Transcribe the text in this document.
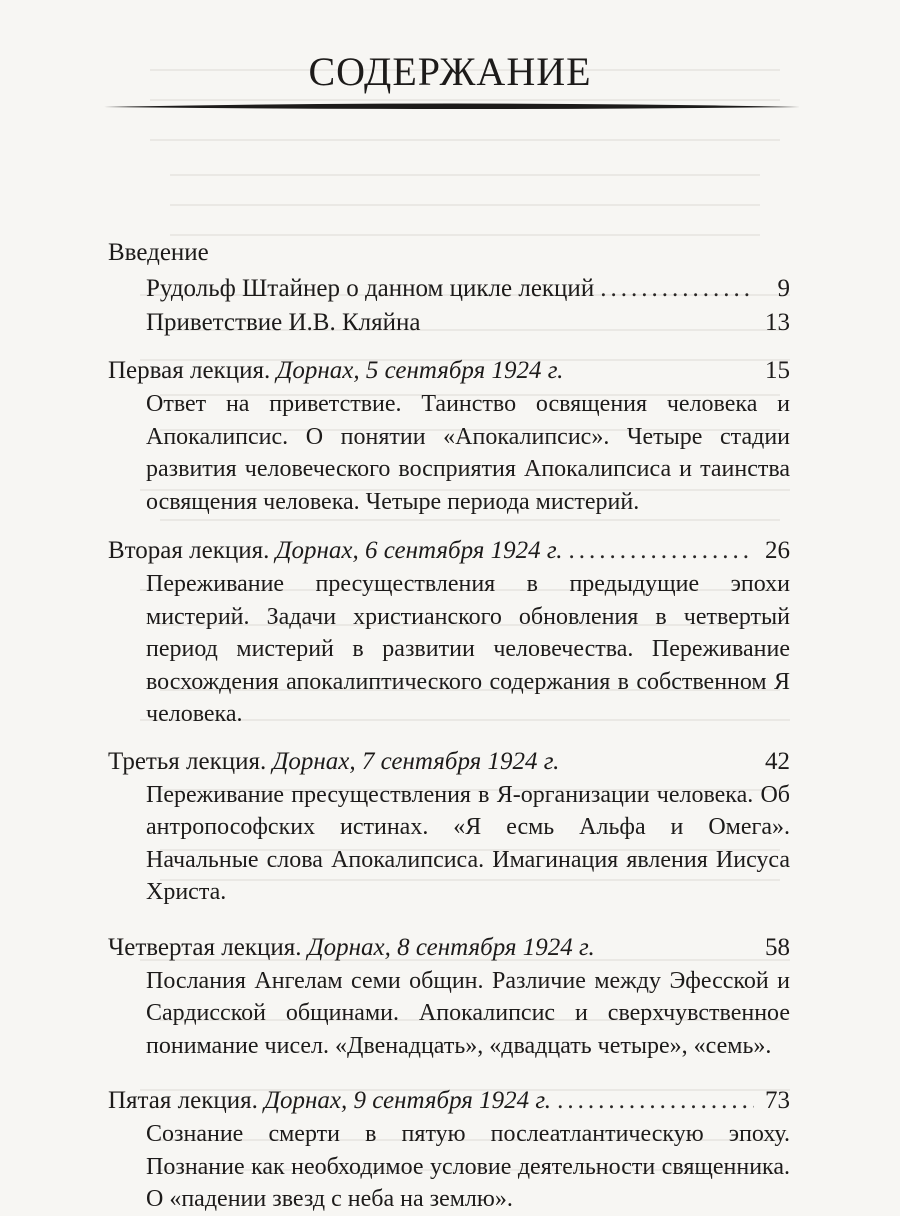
СОДЕРЖАНИЕ
Введение
Рудольф Штайнер о данном цикле лекций .....	9
Приветствие И.В. Кляйна	13
Первая лекция. Дорнах, 5 сентября 1924 г.	15
Ответ на приветствие. Таинство освящения человека и Апокалипсис. О понятии «Апокалипсис». Четыре стадии развития человеческого восприятия Апокалипсиса и таинства освящения человека. Четыре периода мистерий.
Вторая лекция. Дорнах, 6 сентября 1924 г. .....	26
Переживание пресуществления в предыдущие эпохи мистерий. Задачи христианского обновления в четвертый период мистерий в развитии человечества. Переживание восхождения апокалиптического содержания в собственном Я человека.
Третья лекция. Дорнах, 7 сентября 1924 г.	42
Переживание пресуществления в Я-организации человека. Об антропософских истинах. «Я есмь Альфа и Омега». Начальные слова Апокалипсиса. Имагинация явления Иисуса Христа.
Четвертая лекция. Дорнах, 8 сентября 1924 г.	58
Послания Ангелам семи общин. Различие между Эфесской и Сардисской общинами. Апокалипсис и сверхчувственное понимание чисел. «Двенадцать», «двадцать четыре», «семь».
Пятая лекция. Дорнах, 9 сентября 1924 г. .....	73
Сознание смерти в пятую послеатлантическую эпоху. Познание как необходимое условие деятельности священника. О «падении звезд с неба на землю».
